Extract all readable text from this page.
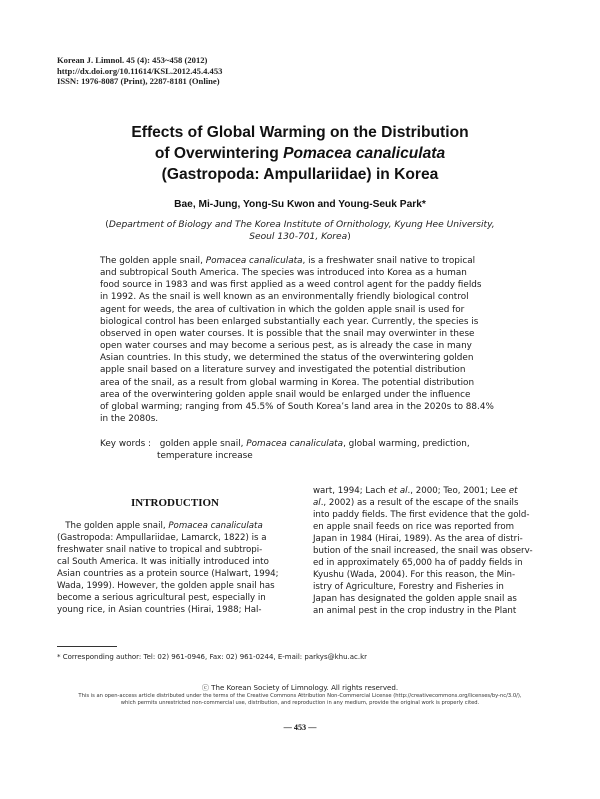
Korean J. Limnol. 45 (4): 453~458 (2012)
http://dx.doi.org/10.11614/KSL.2012.45.4.453
ISSN: 1976-8087 (Print), 2287-8181 (Online)
Effects of Global Warming on the Distribution
of Overwintering Pomacea canaliculata
(Gastropoda: Ampullariidae) in Korea
Bae, Mi-Jung, Yong-Su Kwon and Young-Seuk Park*
(Department of Biology and The Korea Institute of Ornithology, Kyung Hee University,
Seoul 130-701, Korea)
The golden apple snail, Pomacea canaliculata, is a freshwater snail native to tropical
and subtropical South America. The species was introduced into Korea as a human
food source in 1983 and was first applied as a weed control agent for the paddy fields
in 1992. As the snail is well known as an environmentally friendly biological control
agent for weeds, the area of cultivation in which the golden apple snail is used for
biological control has been enlarged substantially each year. Currently, the species is
observed in open water courses. It is possible that the snail may overwinter in these
open water courses and may become a serious pest, as is already the case in many
Asian countries. In this study, we determined the status of the overwintering golden
apple snail based on a literature survey and investigated the potential distribution
area of the snail, as a result from global warming in Korea. The potential distribution
area of the overwintering golden apple snail would be enlarged under the influence
of global warming; ranging from 45.5% of South Korea’s land area in the 2020s to 88.4%
in the 2080s.
Key words : golden apple snail, Pomacea canaliculata, global warming, prediction,
temperature increase
INTRODUCTION
The golden apple snail, Pomacea canaliculata
(Gastropoda: Ampullariidae, Lamarck, 1822) is a
freshwater snail native to tropical and subtropi-
cal South America. It was initially introduced into
Asian countries as a protein source (Halwart, 1994;
Wada, 1999). However, the golden apple snail has
become a serious agricultural pest, especially in
young rice, in Asian countries (Hirai, 1988; Hal-
wart, 1994; Lach et al., 2000; Teo, 2001; Lee et
al., 2002) as a result of the escape of the snails
into paddy fields. The first evidence that the gold-
en apple snail feeds on rice was reported from
Japan in 1984 (Hirai, 1989). As the area of distri-
bution of the snail increased, the snail was observ-
ed in approximately 65,000 ha of paddy fields in
Kyushu (Wada, 2004). For this reason, the Min-
istry of Agriculture, Forestry and Fisheries in
Japan has designated the golden apple snail as
an animal pest in the crop industry in the Plant
* Corresponding author: Tel: 02) 961-0946, Fax: 02) 961-0244, E-mail: parkys@khu.ac.kr
ⓒ The Korean Society of Limnology. All rights reserved.
This is an open-access article distributed under the terms of the Creative Commons Attribution Non-Commercial License (http://creativecommons.org/licenses/by-nc/3.0/),
which permits unrestricted non-commercial use, distribution, and reproduction in any medium, provide the original work is properly cited.
— 453 —
